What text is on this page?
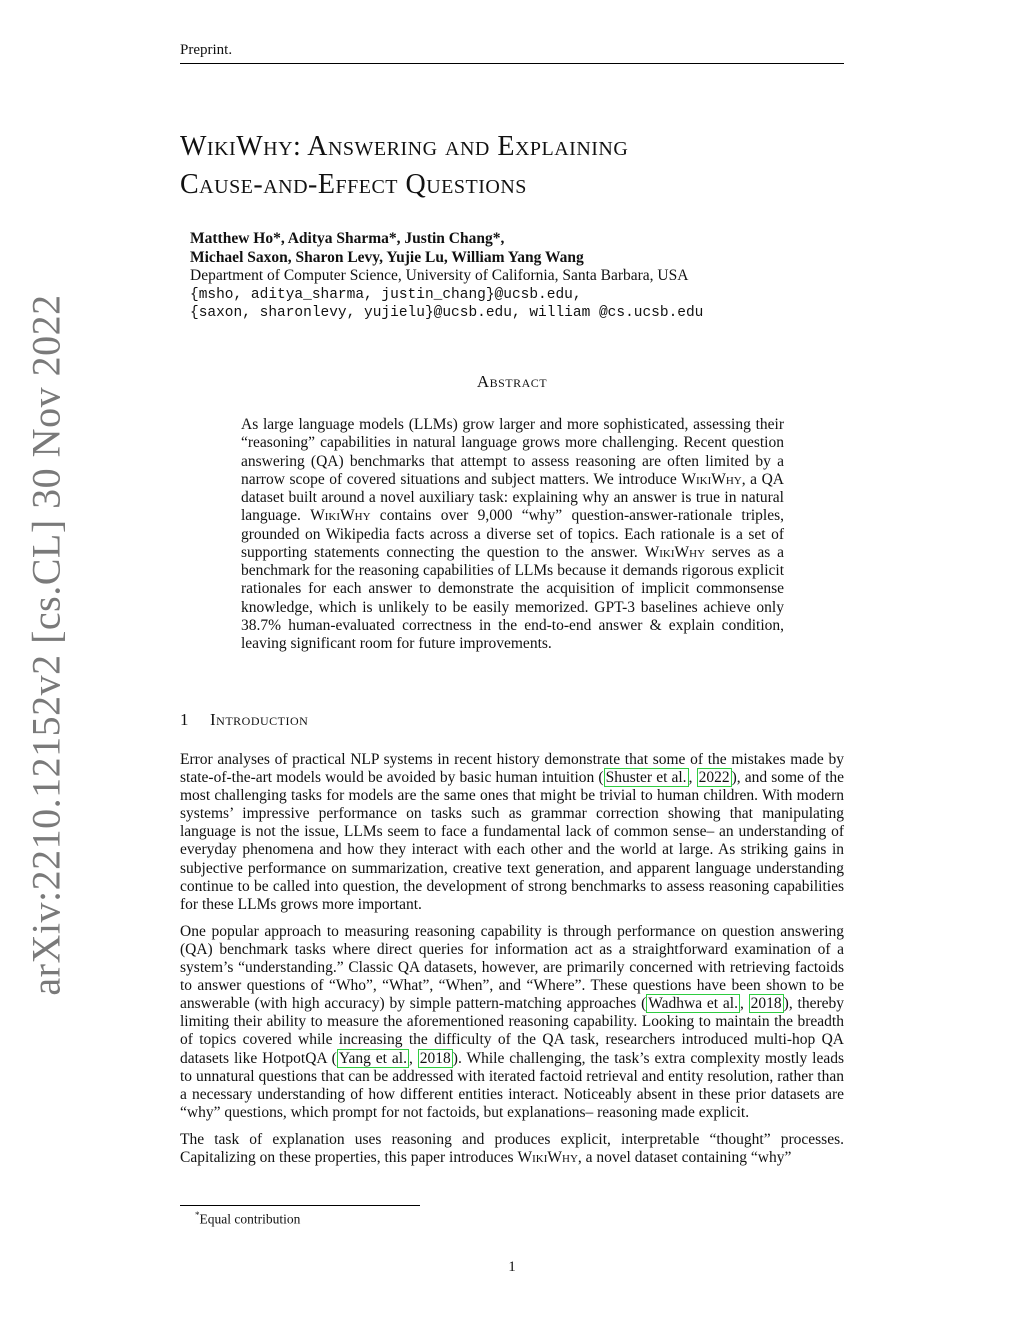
Preprint.
arXiv:2210.12152v2 [cs.CL] 30 Nov 2022
WikiWhy: Answering and Explaining
Cause-and-Effect Questions
Matthew Ho*, Aditya Sharma*, Justin Chang*,
Michael Saxon, Sharon Levy, Yujie Lu, William Yang Wang
Department of Computer Science, University of California, Santa Barbara, USA
{msho, aditya_sharma, justin_chang}@ucsb.edu,
{saxon, sharonlevy, yujielu}@ucsb.edu, william @cs.ucsb.edu
Abstract
As large language models (LLMs) grow larger and more sophisticated, assessing their “reasoning” capabilities in natural language grows more challenging. Recent question answering (QA) benchmarks that attempt to assess reasoning are often limited by a narrow scope of covered situations and subject matters. We introduce WikiWhy, a QA dataset built around a novel auxiliary task: explaining why an answer is true in natural language. WikiWhy contains over 9,000 “why” question-answer-rationale triples, grounded on Wikipedia facts across a diverse set of topics. Each rationale is a set of supporting statements connecting the question to the answer. WikiWhy serves as a benchmark for the reasoning capabilities of LLMs because it demands rigorous explicit rationales for each answer to demonstrate the acquisition of implicit commonsense knowledge, which is unlikely to be easily memorized. GPT-3 baselines achieve only 38.7% human-evaluated correctness in the end-to-end answer & explain condition, leaving significant room for future improvements.
1 Introduction

Error analyses of practical NLP systems in recent history demonstrate that some of the mistakes made by state-of-the-art models would be avoided by basic human intuition ( Shuster et al. , 2022 ), and some of the most challenging tasks for models are the same ones that might be trivial to human children. With modern systems’ impressive performance on tasks such as grammar correction showing that manipulating language is not the issue, LLMs seem to face a fundamental lack of common sense– an understanding of everyday phenomena and how they interact with each other and the world at large. As striking gains in subjective performance on summarization, creative text generation, and apparent language understanding continue to be called into question, the development of strong benchmarks to assess reasoning capabilities for these LLMs grows more important.

One popular approach to measuring reasoning capability is through performance on question answering (QA) benchmark tasks where direct queries for information act as a straightforward examination of a system’s “understanding.” Classic QA datasets, however, are primarily concerned with retrieving factoids to answer questions of “Who”, “What”, “When”, and “Where”. These questions have been shown to be answerable (with high accuracy) by simple pattern-matching approaches ( Wadhwa et al. , 2018 ), thereby limiting their ability to measure the aforementioned reasoning capability. Looking to maintain the breadth of topics covered while increasing the difficulty of the QA task, researchers introduced multi-hop QA datasets like HotpotQA ( Yang et al. , 2018 ). While challenging, the task’s extra complexity mostly leads to unnatural questions that can be addressed with iterated factoid retrieval and entity resolution, rather than a necessary understanding of how different entities interact. Noticeably absent in these prior datasets are “why” questions, which prompt for not factoids, but explanations– reasoning made explicit.

The task of explanation uses reasoning and produces explicit, interpretable “thought” processes. Capitalizing on these properties, this paper introduces WikiWhy, a novel dataset containing “why”

*Equal contribution
1
